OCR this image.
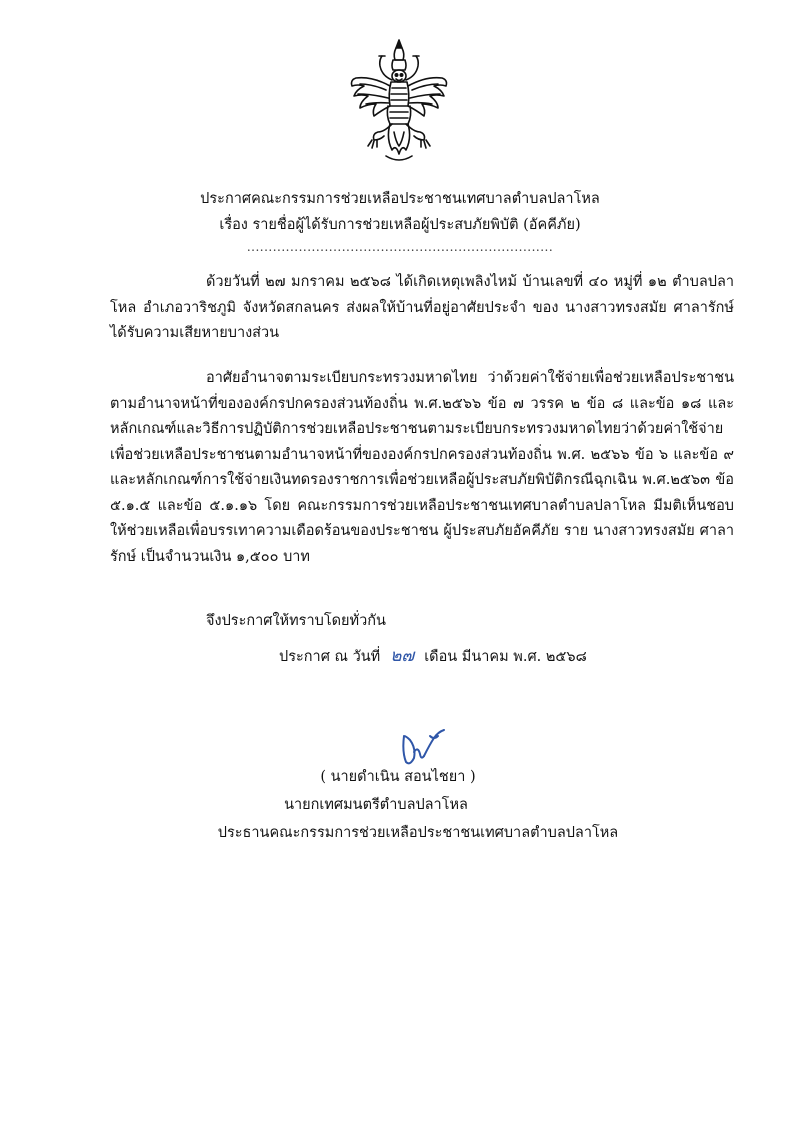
ประกาศคณะกรรมการช่วยเหลือประชาชนเทศบาลตำบลปลาโหล
เรื่อง รายชื่อผู้ได้รับการช่วยเหลือผู้ประสบภัยพิบัติ (อัคคีภัย)
.......................................................................
ด้วยวันที่ ๒๗ มกราคม ๒๕๖๘ ได้เกิดเหตุเพลิงไหม้ บ้านเลขที่ ๔๐ หมู่ที่ ๑๒ ตำบลปลาโหล อำเภอวาริชภูมิ จังหวัดสกลนคร ส่งผลให้บ้านที่อยู่อาศัยประจำ ของ นางสาวทรงสมัย ศาลารักษ์ ได้รับความเสียหายบางส่วน
อาศัยอำนาจตามระเบียบกระทรวงมหาดไทย ว่าด้วยค่าใช้จ่ายเพื่อช่วยเหลือประชาชนตามอำนาจหน้าที่ขององค์กรปกครองส่วนท้องถิ่น พ.ศ.๒๕๖๖ ข้อ ๗ วรรค ๒ ข้อ ๘ และข้อ ๑๘ และหลักเกณฑ์และวิธีการปฏิบัติการช่วยเหลือประชาชนตามระเบียบกระทรวงมหาดไทยว่าด้วยค่าใช้จ่ายเพื่อช่วยเหลือประชาชนตามอำนาจหน้าที่ขององค์กรปกครองส่วนท้องถิ่น พ.ศ. ๒๕๖๖ ข้อ ๖ และข้อ ๙ และหลักเกณฑ์การใช้จ่ายเงินทดรองราชการเพื่อช่วยเหลือผู้ประสบภัยพิบัติกรณีฉุกเฉิน พ.ศ.๒๕๖๓ ข้อ ๕.๑.๕ และข้อ ๕.๑.๑๖ โดย คณะกรรมการช่วยเหลือประชาชนเทศบาลตำบลปลาโหล มีมติเห็นชอบให้ช่วยเหลือเพื่อบรรเทาความเดือดร้อนของประชาชน ผู้ประสบภัยอัคคีภัย ราย นางสาวทรงสมัย ศาลารักษ์ เป็นจำนวนเงิน ๑,๕๐๐ บาท
จึงประกาศให้ทราบโดยทั่วกัน
ประกาศ ณ วันที่ ๒๗ เดือน มีนาคม พ.ศ. ๒๕๖๘
( นายดำเนิน สอนไชยา )
นายกเทศมนตรีตำบลปลาโหล
ประธานคณะกรรมการช่วยเหลือประชาชนเทศบาลตำบลปลาโหล
